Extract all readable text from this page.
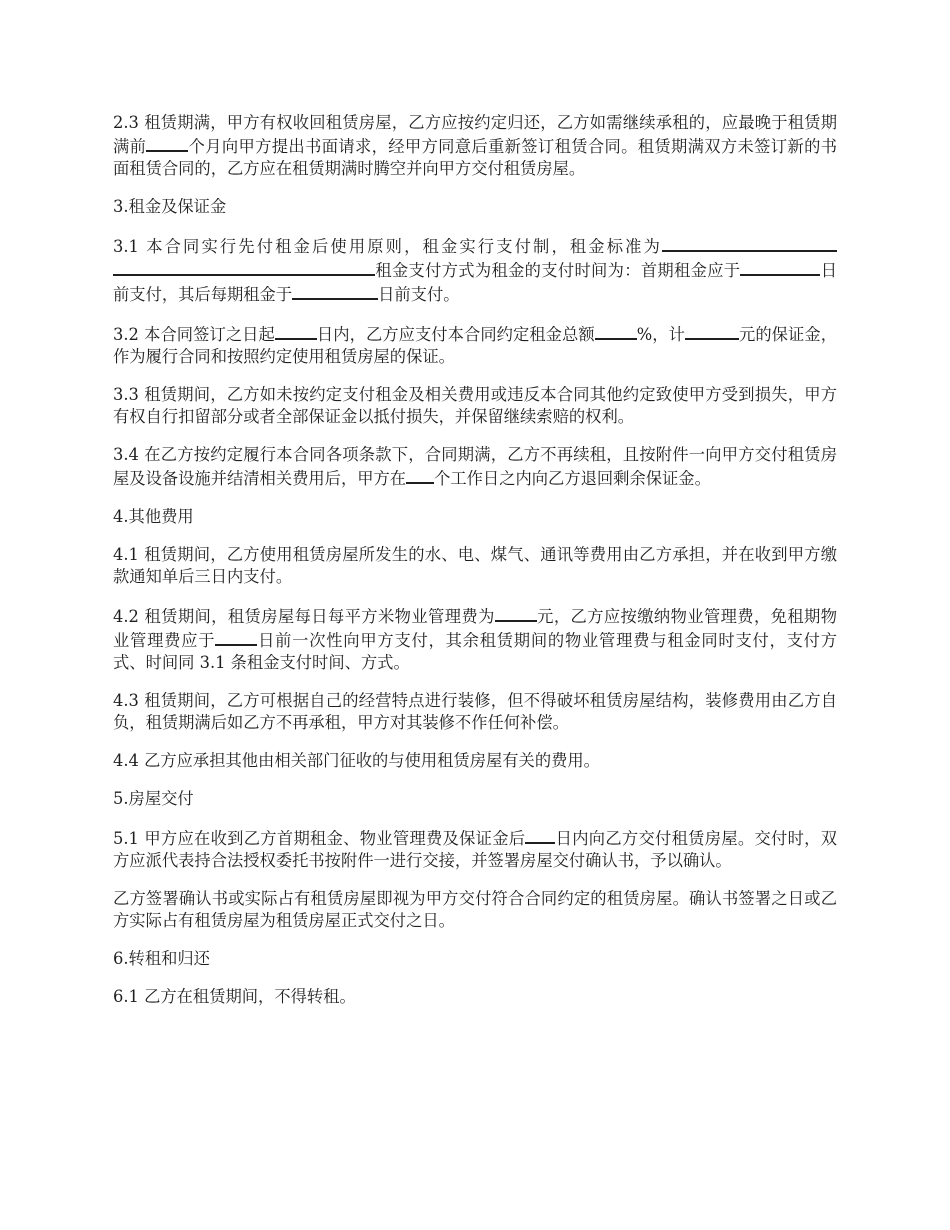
2.3 租赁期满，甲方有权收回租赁房屋，乙方应按约定归还，乙方如需继续承租的，应最晚于租赁期满前	个月向甲方提出书面请求，经甲方同意后重新签订租赁合同。租赁期满双方未签订新的书面租赁合同的，乙方应在租赁期满时腾空并向甲方交付租赁房屋。

3.租金及保证金

3.1 本合同实行先付租金后使用原则，租金实行支付制，租金标准为租金支付方式为租金的支付时间为：首期租金应于	日前支付，其后每期租金于	日前支付。

3.2 本合同签订之日起	日内，乙方应支付本合同约定租金总额	%，计	元的保证金，作为履行合同和按照约定使用租赁房屋的保证。

3.3 租赁期间，乙方如未按约定支付租金及相关费用或违反本合同其他约定致使甲方受到损失，甲方有权自行扣留部分或者全部保证金以抵付损失，并保留继续索赔的权利。

3.4 在乙方按约定履行本合同各项条款下，合同期满，乙方不再续租，且按附件一向甲方交付租赁房屋及设备设施并结清相关费用后，甲方在 个工作日之内向乙方退回剩余保证金。

4.其他费用

4.1 租赁期间，乙方使用租赁房屋所发生的水、电、煤气、通讯等费用由乙方承担，并在收到甲方缴款通知单后三日内支付。

4.2 租赁期间，租赁房屋每日每平方米物业管理费为	元，乙方应按缴纳物业管理费，免租期物业管理费应于	日前一次性向甲方支付，其余租赁期间的物业管理费与租金同时支付，支付方式、时间同 3.1 条租金支付时间、方式。

4.3 租赁期间，乙方可根据自己的经营特点进行装修，但不得破坏租赁房屋结构，装修费用由乙方自负，租赁期满后如乙方不再承租，甲方对其装修不作任何补偿。

4.4 乙方应承担其他由相关部门征收的与使用租赁房屋有关的费用。

5.房屋交付

5.1 甲方应在收到乙方首期租金、物业管理费及保证金后 日内向乙方交付租赁房屋。交付时，双方应派代表持合法授权委托书按附件一进行交接，并签署房屋交付确认书，予以确认。

乙方签署确认书或实际占有租赁房屋即视为甲方交付符合合同约定的租赁房屋。确认书签署之日或乙方实际占有租赁房屋为租赁房屋正式交付之日。

6.转租和归还

6.1 乙方在租赁期间，不得转租。
